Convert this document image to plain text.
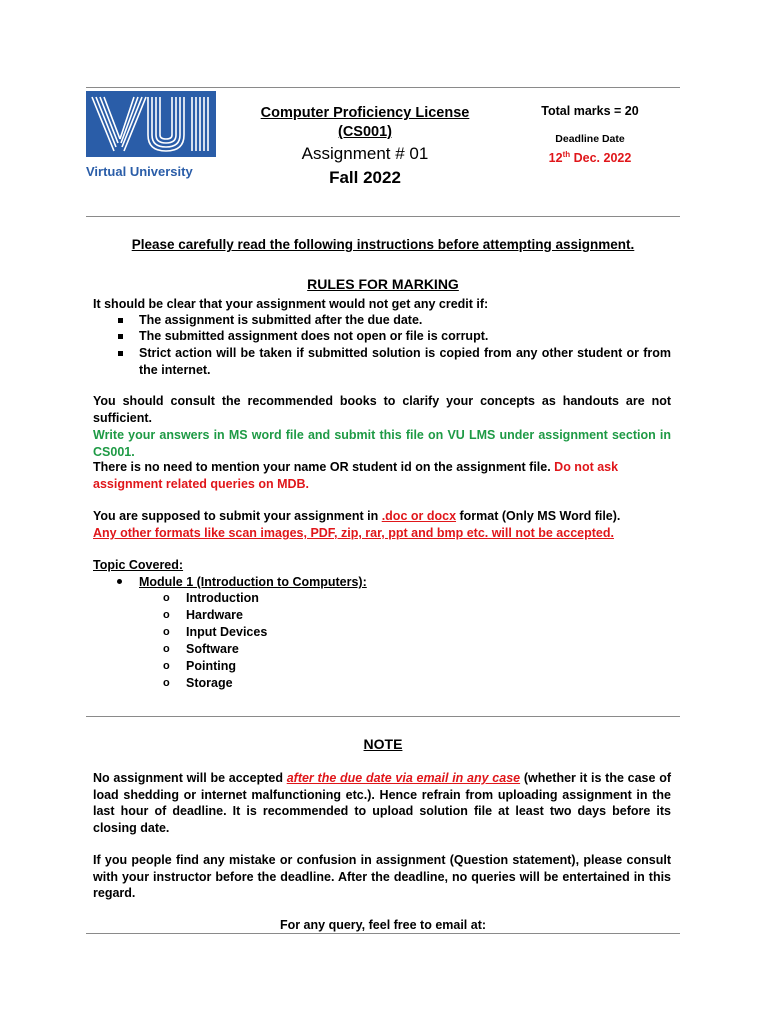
Virtual University
Computer Proficiency License
(CS001)
Assignment # 01
Fall 2022
Total marks = 20
Deadline Date
12th Dec. 2022
Please carefully read the following instructions before attempting assignment.
RULES FOR MARKING
It should be clear that your assignment would not get any credit if:
The assignment is submitted after the due date.
The submitted assignment does not open or file is corrupt.
Strict action will be taken if submitted solution is copied from any other student or from the internet.
You should consult the recommended books to clarify your concepts as handouts are not sufficient.
Write your answers in MS word file and submit this file on VU LMS under assignment section in CS001.
There is no need to mention your name OR student id on the assignment file. Do not ask assignment related queries on MDB.
You are supposed to submit your assignment in .doc or docx format (Only MS Word file).
Any other formats like scan images, PDF, zip, rar, ppt and bmp etc. will not be accepted.
Topic Covered:
Module 1 (Introduction to Computers):
o Introduction
o Hardware
o Input Devices
o Software
o Pointing
o Storage
NOTE
No assignment will be accepted after the due date via email in any case (whether it is the case of load shedding or internet malfunctioning etc.). Hence refrain from uploading assignment in the last hour of deadline. It is recommended to upload solution file at least two days before its closing date.
If you people find any mistake or confusion in assignment (Question statement), please consult with your instructor before the deadline. After the deadline, no queries will be entertained in this regard.
For any query, feel free to email at:
